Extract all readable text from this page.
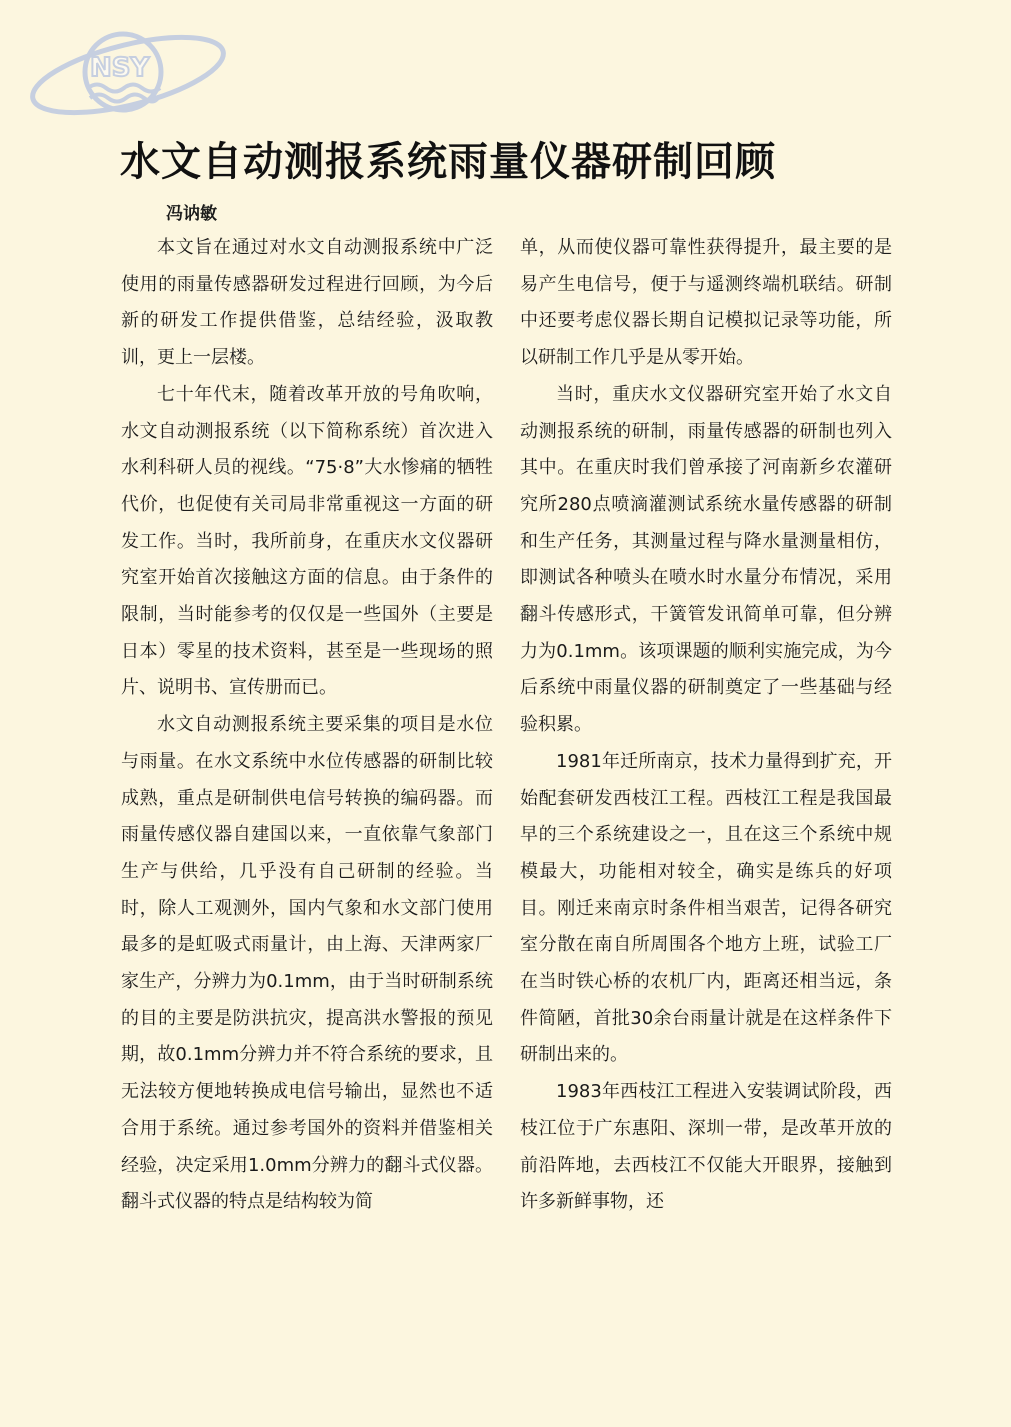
NSY
水文自动测报系统雨量仪器研制回顾
冯讷敏

本文旨在通过对水文自动测报系统中广泛使用的雨量传感器研发过程进行回顾，为今后新的研发工作提供借鉴，总结经验，汲取教训，更上一层楼。

七十年代末，随着改革开放的号角吹响，水文自动测报系统（以下简称系统）首次进入水利科研人员的视线。“75·8”大水惨痛的牺牲代价，也促使有关司局非常重视这一方面的研发工作。当时，我所前身，在重庆水文仪器研究室开始首次接触这方面的信息。由于条件的限制，当时能参考的仅仅是一些国外（主要是日本）零星的技术资料，甚至是一些现场的照片、说明书、宣传册而已。

水文自动测报系统主要采集的项目是水位与雨量。在水文系统中水位传感器的研制比较成熟，重点是研制供电信号转换的编码器。而雨量传感仪器自建国以来，一直依靠气象部门生产与供给，几乎没有自己研制的经验。当时，除人工观测外，国内气象和水文部门使用最多的是虹吸式雨量计，由上海、天津两家厂家生产，分辨力为0.1mm，由于当时研制系统的目的主要是防洪抗灾，提高洪水警报的预见期，故0.1mm分辨力并不符合系统的要求，且无法较方便地转换成电信号输出，显然也不适合用于系统。通过参考国外的资料并借鉴相关经验，决定采用1.0mm分辨力的翻斗式仪器。翻斗式仪器的特点是结构较为简

单，从而使仪器可靠性获得提升，最主要的是易产生电信号，便于与遥测终端机联结。研制中还要考虑仪器长期自记模拟记录等功能，所以研制工作几乎是从零开始。

当时，重庆水文仪器研究室开始了水文自动测报系统的研制，雨量传感器的研制也列入其中。在重庆时我们曾承接了河南新乡农灌研究所280点喷滴灌测试系统水量传感器的研制和生产任务，其测量过程与降水量测量相仿，即测试各种喷头在喷水时水量分布情况，采用翻斗传感形式，干簧管发讯简单可靠，但分辨力为0.1mm。该项课题的顺利实施完成，为今后系统中雨量仪器的研制奠定了一些基础与经验积累。

1981年迁所南京，技术力量得到扩充，开始配套研发西枝江工程。西枝江工程是我国最早的三个系统建设之一，且在这三个系统中规模最大，功能相对较全，确实是练兵的好项目。刚迁来南京时条件相当艰苦，记得各研究室分散在南自所周围各个地方上班，试验工厂在当时铁心桥的农机厂内，距离还相当远，条件简陋，首批30余台雨量计就是在这样条件下研制出来的。

1983年西枝江工程进入安装调试阶段，西枝江位于广东惠阳、深圳一带，是改革开放的前沿阵地，去西枝江不仅能大开眼界，接触到许多新鲜事物，还
